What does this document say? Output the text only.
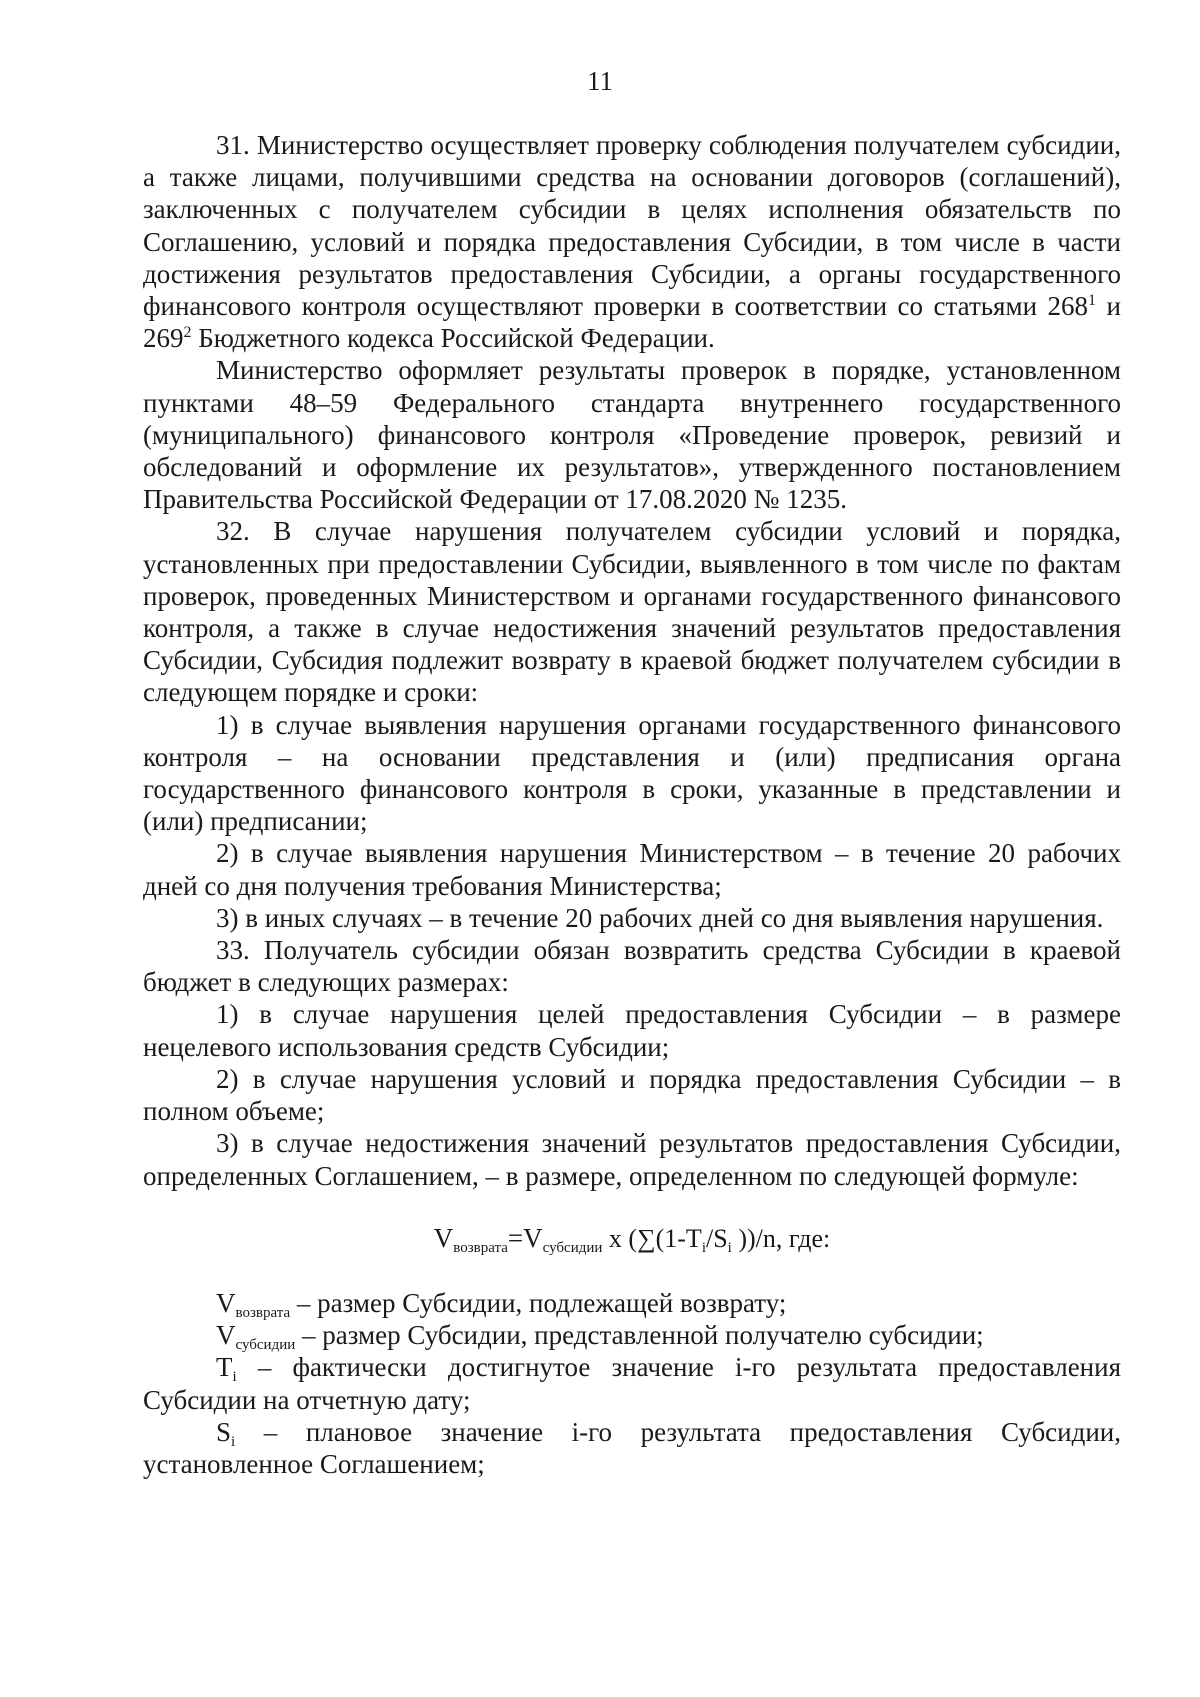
11

31. Министерство осуществляет проверку соблюдения получателем субсидии, а также лицами, получившими средства на основании договоров (соглашений), заключенных с получателем субсидии в целях исполнения обязательств по Соглашению, условий и порядка предоставления Субсидии, в том числе в части достижения результатов предоставления Субсидии, а органы государственного финансового контроля осуществляют проверки в соответствии со статьями $268^1$ и $269^2$ Бюджетного кодекса Российской Федерации.

Министерство оформляет результаты проверок в порядке, установленном пунктами 48–59 Федерального стандарта внутреннего государственного (муниципального) финансового контроля «Проведение проверок, ревизий и обследований и оформление их результатов», утвержденного постановлением Правительства Российской Федерации от 17.08.2020 № 1235.

32. В случае нарушения получателем субсидии условий и порядка, установленных при предоставлении Субсидии, выявленного в том числе по фактам проверок, проведенных Министерством и органами государственного финансового контроля, а также в случае недостижения значений результатов предоставления Субсидии, Субсидия подлежит возврату в краевой бюджет получателем субсидии в следующем порядке и сроки:

1) в случае выявления нарушения органами государственного финансового контроля – на основании представления и (или) предписания органа государственного финансового контроля в сроки, указанные в представлении и (или) предписании;

2) в случае выявления нарушения Министерством – в течение 20 рабочих дней со дня получения требования Министерства;

3) в иных случаях – в течение 20 рабочих дней со дня выявления нарушения.

33. Получатель субсидии обязан возвратить средства Субсидии в краевой бюджет в следующих размерах:

1) в случае нарушения целей предоставления Субсидии – в размере нецелевого использования средств Субсидии;

2) в случае нарушения условий и порядка предоставления Субсидии – в полном объеме;

3) в случае недостижения значений результатов предоставления Субсидии, определенных Соглашением, – в размере, определенном по следующей формуле:

$V_{возврата}=V_{субсидии}$ x ($\sum(1-T_i/S_i$ ))/n, где:

$V_{возврата}$ – размер Субсидии, подлежащей возврату;

$V_{субсидии}$ – размер Субсидии, представленной получателю субсидии;

$T_i$ – фактически достигнутое значение i-го результата предоставления Субсидии на отчетную дату;

$S_i$ – плановое значение i-го результата предоставления Субсидии, установленное Соглашением;
